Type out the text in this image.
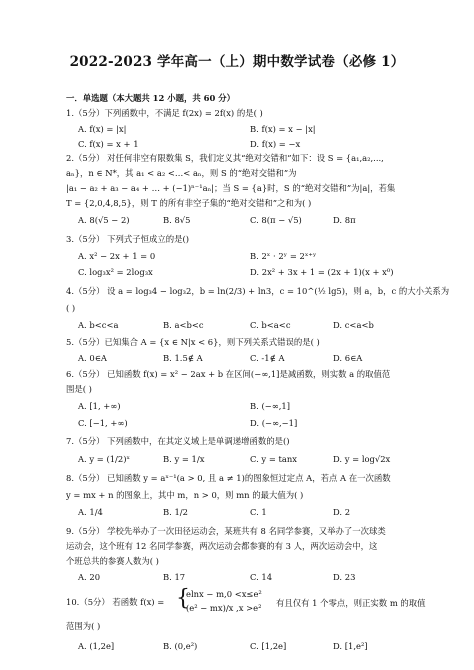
2022-2023 学年高一（上）期中数学试卷（必修 1）
一．单选题（本大题共 12 小题，共 60 分）
1.（5分）下列函数中，不满足 f(2x) = 2f(x) 的是( )
A. f(x) = |x|	B. f(x) = x − |x|
C. f(x) = x + 1	D. f(x) = −x
2.（5分） 对任何非空有限数集 S，我们定义其“绝对交错和”如下：设 S = {a₁,a₂,...,
aₙ}，n ∈ N*，其 a₁ < a₂ <…< aₙ，则 S 的“绝对交错和”为
|a₁ − a₂ + a₃ − a₄ + … + (−1)ⁿ⁻¹aₙ|；当 S = {a}时，S 的“绝对交错和”为|a|，若集
T = {2,0,4,8,5}，则 T 的所有非空子集的“绝对交错和”之和为( )
A. 8(√5 − 2)	B. 8√5	C. 8(π − √5)	D. 8π
3.（5分） 下列式子恒成立的是()
A. x² − 2x + 1 = 0	B. 2ˣ · 2ʸ = 2ˣ⁺ʸ
C. log₃x² = 2log₃x	D. 2x² + 3x + 1 = (2x + 1)(x + x⁰)
4.（5分） 设 a = log₃4 − log₃2，b = ln(2/3) + ln3，c = 10^(½ lg5)，则 a，b，c 的大小关系为
( )
A. b<c<a	B. a<b<c	C. b<a<c	D. c<a<b
5.（5分）已知集合 A = {x ∈ N|x < 6}，则下列关系式错误的是( )
A. 0∈A	B. 1.5∉ A	C. -1∉ A	D. 6∈A
6.（5分） 已知函数 f(x) = x² − 2ax + b 在区间(−∞,1]是减函数，则实数 a 的取值范
围是( )
A. [1, +∞)	B. (−∞,1]
C. [−1, +∞)	D. (−∞,−1]
7.（5分） 下列函数中，在其定义域上是单调递增函数的是()
A. y = (1/2)ˣ	B. y = 1/x	C. y = tanx	D. y = log√2x
8.（5分） 已知函数 y = aˣ⁻¹(a > 0, 且 a ≠ 1)的图象恒过定点 A，若点 A 在一次函数
y = mx + n 的图象上，其中 m，n > 0，则 mn 的最大值为( )
A. 1/4	B. 1/2	C. 1	D. 2
9.（5分） 学校先举办了一次田径运动会，某班共有 8 名同学参赛，又举办了一次球类
运动会，这个班有 12 名同学参赛，两次运动会都参赛的有 3 人，两次运动会中，这
个班总共的参赛人数为( )
A. 20	B. 17	C. 14	D. 23
10.（5分） 若函数 f(x) = {
elnx − m,0 <x≤e²
(e² − mx)/x ,x >e² 有且仅有 1 个零点，则正实数 m 的取值
范围为( )
A. (1,2e]	B. (0,e²)	C. [1,2e]	D. [1,e²]
